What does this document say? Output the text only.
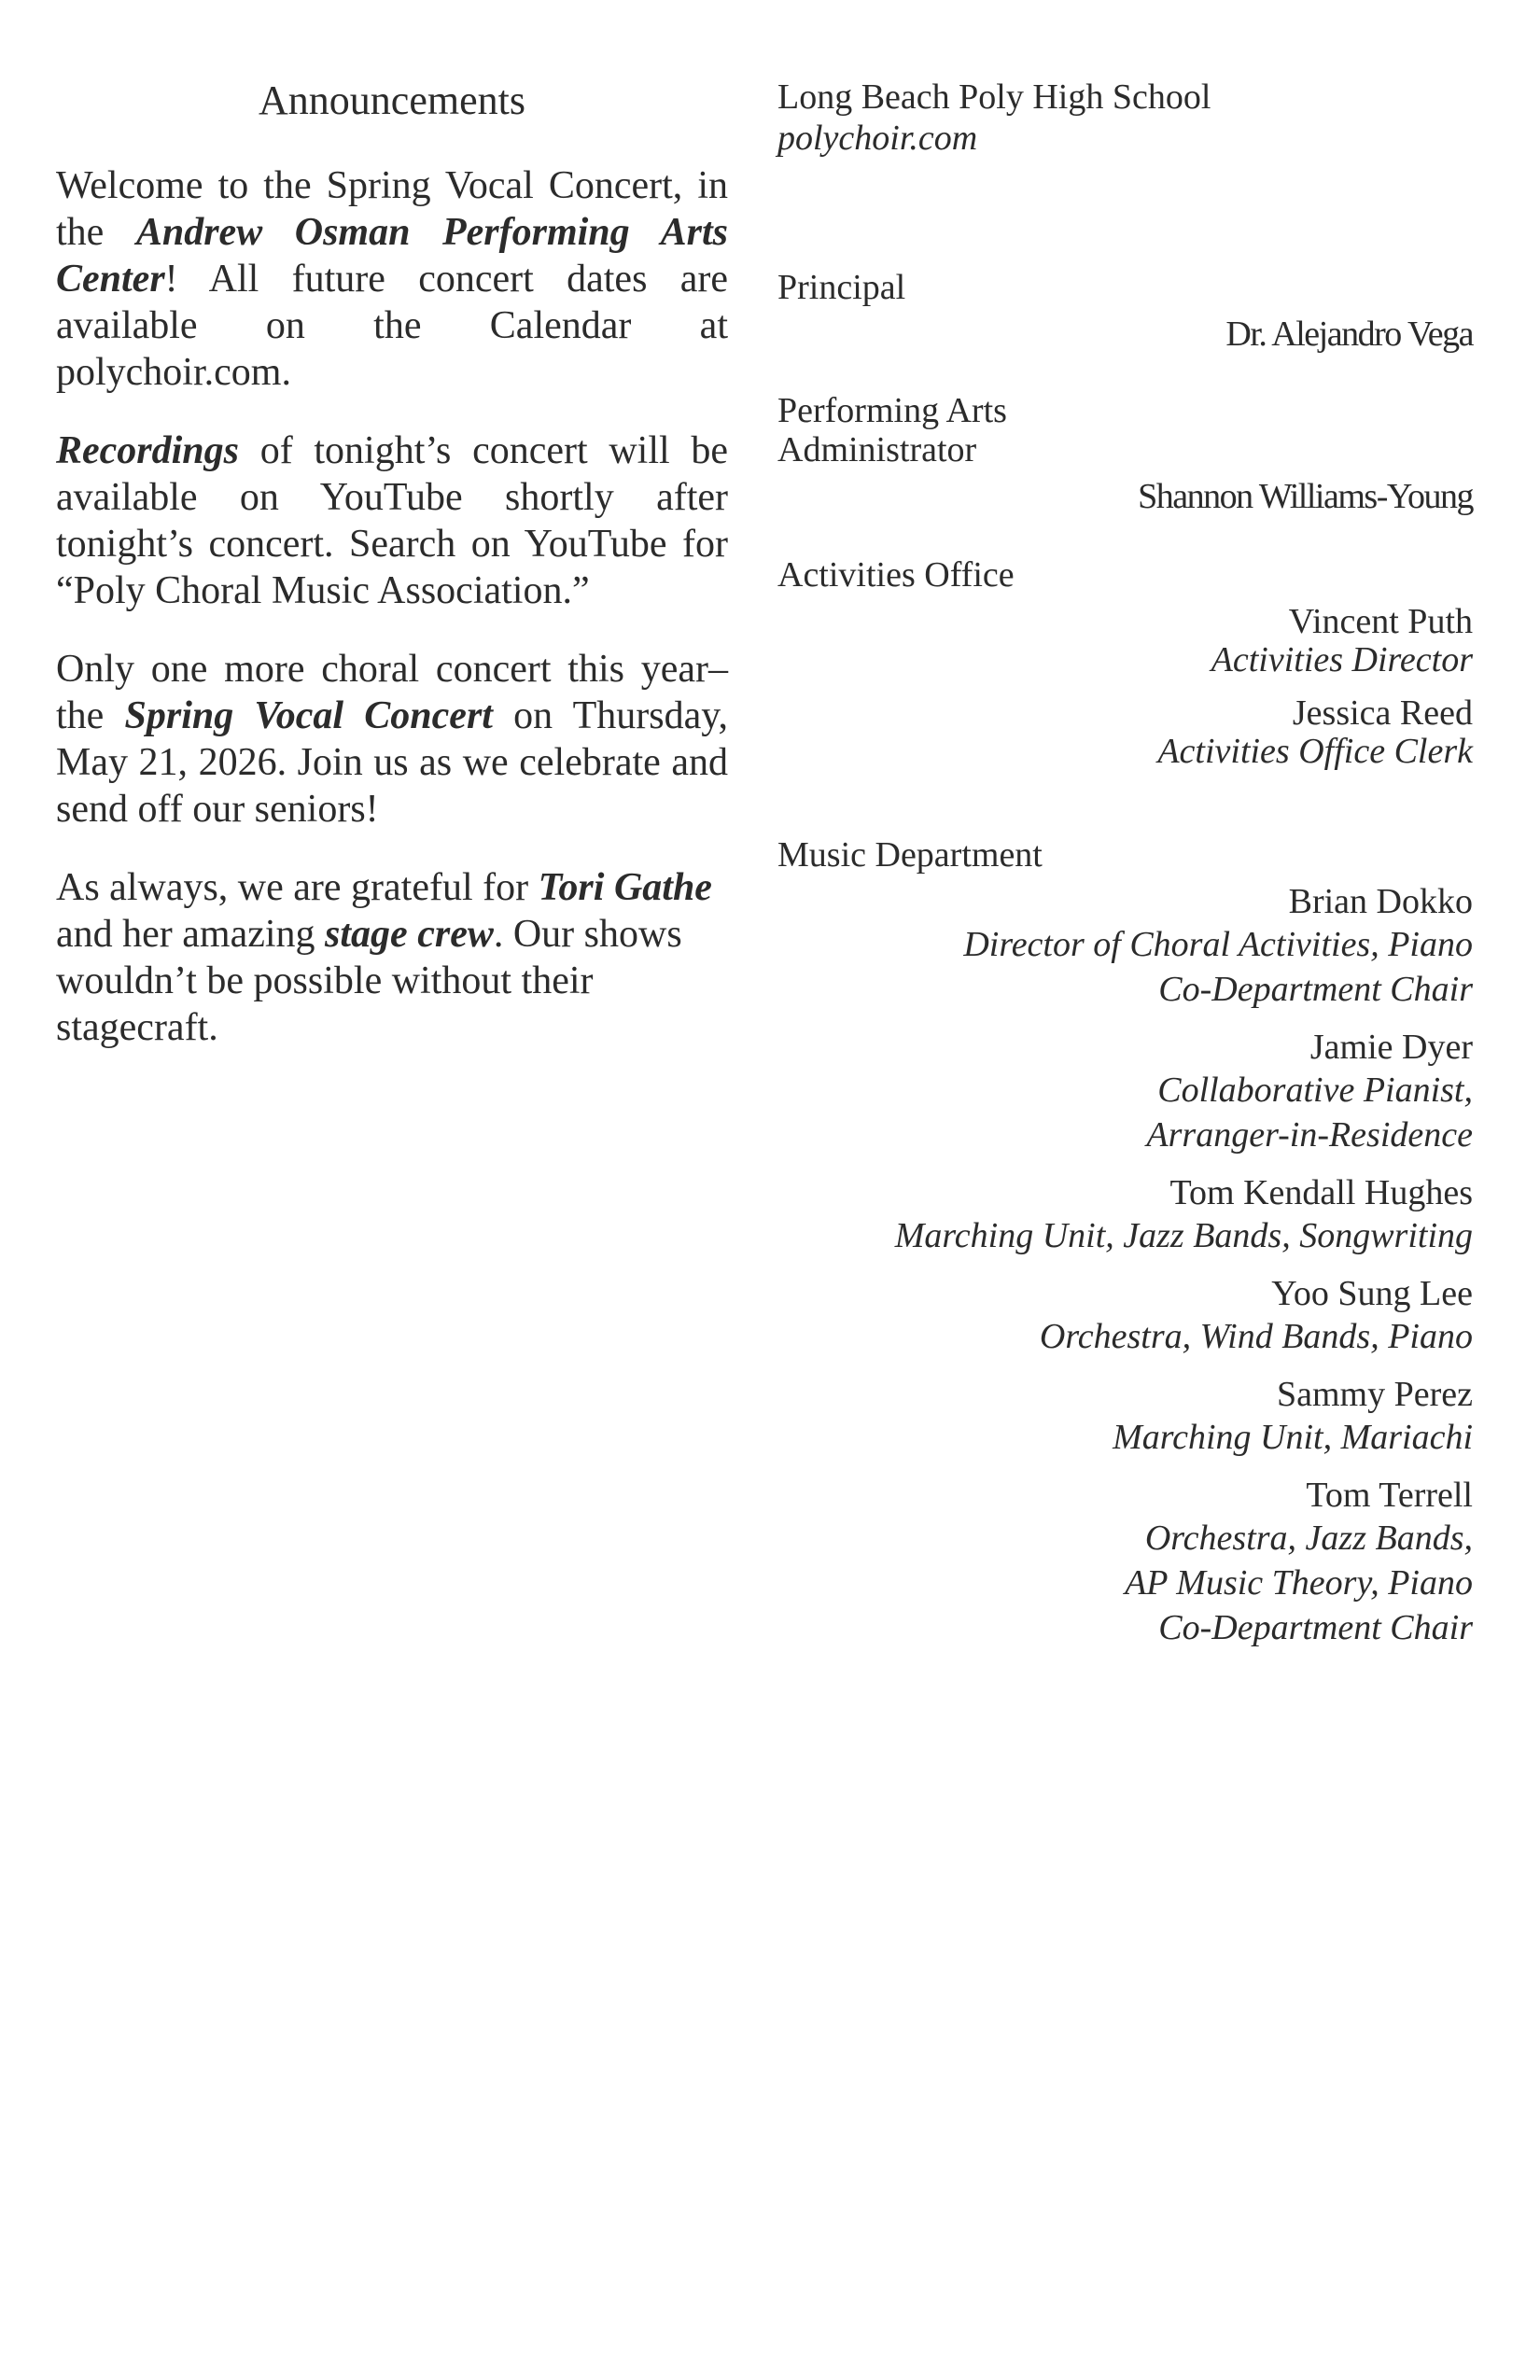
Announcements

Welcome to the Spring Vocal Concert, in the Andrew Osman Performing Arts Center! All future concert dates are available on the Calendar at polychoir.com.

Recordings of tonight’s concert will be available on YouTube shortly after tonight’s concert. Search on YouTube for “Poly Choral Music Association.”

Only one more choral concert this year–the Spring Vocal Concert on Thursday, May 21, 2026. Join us as we celebrate and send off our seniors!

As always, we are grateful for Tori Gathe and her amazing stage crew. Our shows wouldn’t be possible without their stagecraft.

Long Beach Poly High School
polychoir.com
Principal
Dr. Alejandro Vega
Performing Arts
Administrator
Shannon Williams-Young
Activities Office
Vincent Puth
Activities Director
Jessica Reed
Activities Office Clerk
Music Department
Brian Dokko
Director of Choral Activities, Piano
Co-Department Chair
Jamie Dyer
Collaborative Pianist,
Arranger-in-Residence
Tom Kendall Hughes
Marching Unit, Jazz Bands, Songwriting
Yoo Sung Lee
Orchestra, Wind Bands, Piano
Sammy Perez
Marching Unit, Mariachi
Tom Terrell
Orchestra, Jazz Bands,
AP Music Theory, Piano
Co-Department Chair
